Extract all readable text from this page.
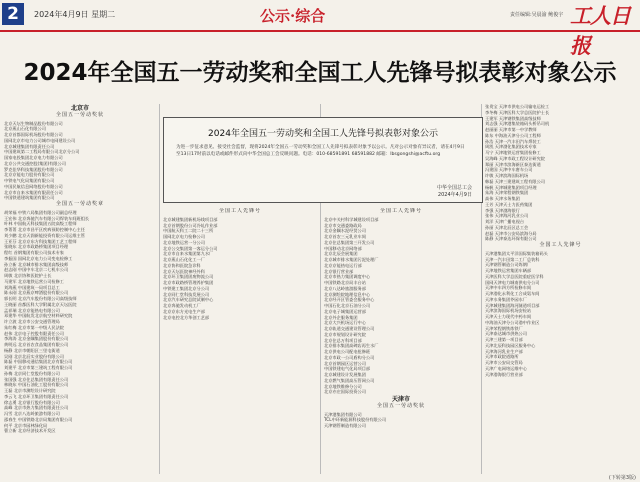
2	2024年4月9日 星期二	公示·综合	责任编辑:吴晨渝 鲍俊宇 工人日报
2024年全国五一劳动奖和全国工人先锋号拟表彰对象公示
北京市
全国五一劳动奖状
北京天坛生物制品股份有限公司
北京燕山石化有限公司
北京首都国际机场股份有限公司
国网北京市电力公司城市电网建设公司
北京城建集团有限责任公司
中国建筑第二工程局有限公司北京分公司
国家电投集团北京电力有限公司
北京公共交通控股(集团)有限公司
罗克佳华科技集团股份有限公司
北京京能电力股份有限公司
中铁电气化局集团有限公司
中国民航信息网络股份有限公司
北京市自来水集团有限责任公司
中国铁道建筑集团有限公司
全国五一劳动奖章
胡荣福 中铁六局集团有限公司副总经理
王宏伟 北京奔驰汽车有限公司焊装车间班组长
叶林 中国航天科技集团五院高级工程师
李菁菁 北京市昌平区疾病预防控制中心主任
刘少鹏 北京天润新能投资有限公司运维主管
王亚芬 北京京东方科技集团工艺工程师
张晓东 北京市政路桥集团项目经理
程红 首钢集团有限公司技术专家
李振国 国网北京电力公司变电检修工
孙立新 北京城市排水集团高级技师
赵志刚 中国中车北京二七机车公司
周敏 北京协和医院护士长
马建军 北京地铁运营公司检修工
刘海燕 中国建筑一局项目总工
陈永刚 北京燕京啤酒股份有限公司
郭长明 北京汽车股份有限公司高级技师
王晓丽 首都医科大学附属北京天坛医院
孟祥瑞 北京京能热电有限公司
邓建华 中国航发北京航空材料研究院
许立波 北京市公安交通管理局
朱红梅 北京市第一中级人民法院
赵伟 北京电子控股有限责任公司
李海涛 北京金隅集团股份有限公司
黄明远 北京首农食品集团有限公司
杨静 北京市朝阳区三里屯街道
吴刚 北京北辰实业股份有限公司
陈磊 中国移动通信集团北京有限公司
刘建平 北京市第三建筑工程有限公司
孙梅 北京同仁堂股份有限公司
张国强 北京住总集团有限责任公司
林晓东 中国石油化工股份有限公司
王磊 北京市测绘设计研究院
李云飞 北京环卫集团有限责任公司
徐志勇 北京银行股份有限公司
高峰 北京市热力集团有限责任公司
冯雪 北京八达岭旅游有限公司
邵春生 中国铁路北京局集团有限公司
何平 北京市园林绿化局
曹立新 北京经济技术开发区
2024年全国五一劳动奖和全国工人先锋号拟表彰对象公示
为进一步征求意见、接受社会监督，现将2024年全国五一劳动奖和全国工人先锋号拟表彰对象予以公示。凡对公示对象有异议者，请在4月9日至13日17时前以电话或邮件形式向中华全国总工会反映问题。电话：010-68591891 68591882 邮箱：lbsgongshi@acftu.org
中华全国总工会
2024年4月9日
全国工人先锋号
北京城建集团新机场线项目部
北京首钢股份公司冷轧作业部
中国航天科工二院二十三所
国网北京电力检修公司
北京地铁运营一分公司
北京公交集团第一客运分公司
北京市自来水集团第九水厂
北京燕山石化化工一厂
北京协和医院急诊科
北京天坛医院神经外科
北京环卫集团固废物流公司
北京市政路桥管理养护集团
中铁建工集团北京分公司
北京同仁堂科技发展公司
北京汽车研究总院试制中心
北京奔驰发动机工厂
北京京东方光电生产部
北京电控北方华创工艺部
全国工人先锋号
北京中关村科学城建设项目部
北京市交通委路政局
北京金隅水泥经贸公司
北京首农三元乳业车间
北京住总集团第三开发公司
中国移动北京网络部
北京北辰会展集团
北京城市排水集团污泥处理厂
北京京能热电运行部
北京银行营业部
北京市热力集团调度中心
中国铁路北京局丰台站
北京八达岭旅游服务部
北京测绘院地理信息中心
北京经开区管委会服务中心
中国石化北京石油分公司
北京电子城集团运营部
北京外企服务集团
北京大兴机场运行中心
北京轨道交通建设管理公司
北京市规划设计研究院
北京住总万科项目部
北京排水集团高碑店再生水厂
北京供电公司配电抢修班
北京市政一公司盾构分公司
北京首钢园区运营公司
中国铁建电气化局项目部
北京城建设计发展集团
北京燃气集团高压管网公司
北京地铁维修分公司
北京亦庄国际投资公司
天津市
全国五一劳动奖状
天津港集团有限公司
TCL中环新能源科技股份有限公司
天津钢管制造有限公司
张贵宝 天津市供电公司输电运检工
李冬梅 天津医科大学总医院护士长
王建军 天津钢铁集团高级技师
刘志强 天津港集装箱码头桥吊司机
赵丽丽 天津市第一中学教师
陈东 中海油天津分公司工程师
孙浩 天津一汽丰田汽车焊装工
周凯 天津渤化集团技术专家
马宁 天津地铁运营集团检修工
吴海峰 天津市政工程设计研究院
郑丽 天津市滨海新区泰达街道
冯建国 天津中车唐车公司
许敏 天津滨海国际机场
韩磊 天津三建建筑工程有限公司
杨帆 天津城建集团项目经理
朱海 天津荣程钢铁集团
高伟 天津水务集团
王芳 天津天士力医药集团
李强 天津渤海银行
张伟 天津海河乳业公司
刘洋 天津广播电视台
孙丽 天津北辰区总工会
赵磊 天津市公安局滨海分局
陈静 天津泰达环保有限公司
全国工人先锋号
天津港集团太平洋国际集装箱码头
天津一汽丰田第二工厂总装科
天津钢管制造公司炼钢厂
天津地铁运营集团车辆部
天津医科大学总医院重症医学科
国网天津电力城南供电分公司
天津中车四方所检修车间
天津渤化永利化工合成氨车间
天津水务集团芥园水厂
天津城建集团海河隧道项目部
天津滨海国际机场安检站
天津天士力现代中药车间
中海油天津分公司渤中作业区
天津荣程钢铁炼铁厂
天津泰达城市供热公司
天津三建第一项目部
天津北辰科技园区服务中心
天津海河乳业生产部
天津市政院道路所
天津市公安局交管局
天津广电网络运维中心
天津渤海银行营业部
(下转第3版)
